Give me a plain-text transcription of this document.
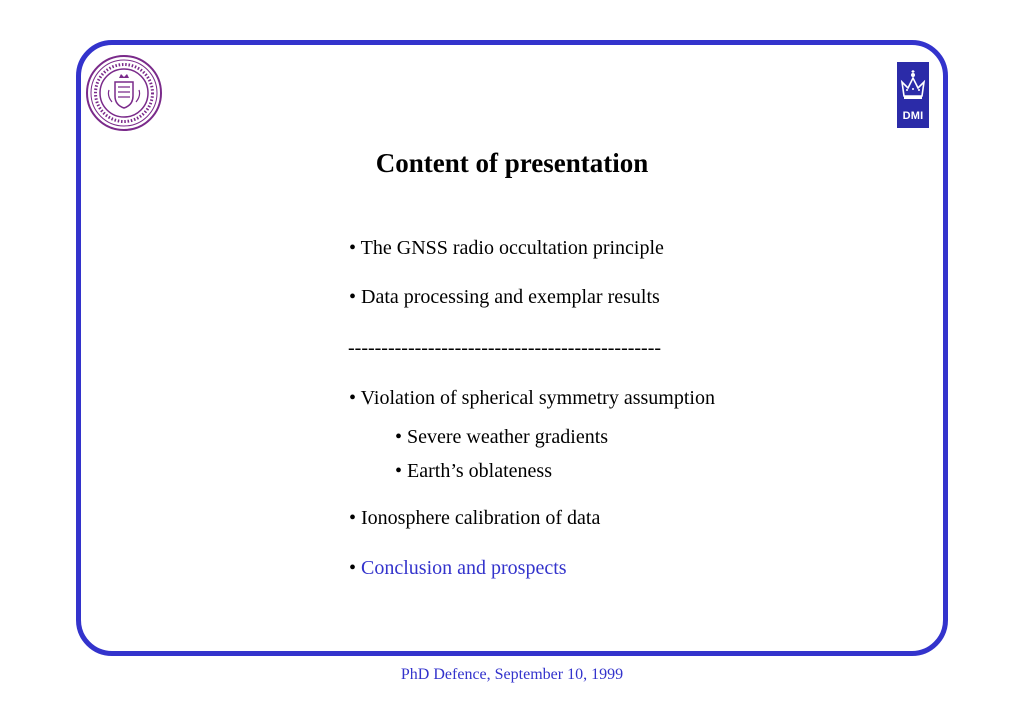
DMI
Content of presentation
• The GNSS radio occultation principle
• Data processing and exemplar results
-----------------------------------------------
• Violation of spherical symmetry assumption
• Severe weather gradients
• Earth’s oblateness
• Ionosphere calibration of data
• Conclusion and prospects
PhD Defence, September 10, 1999
